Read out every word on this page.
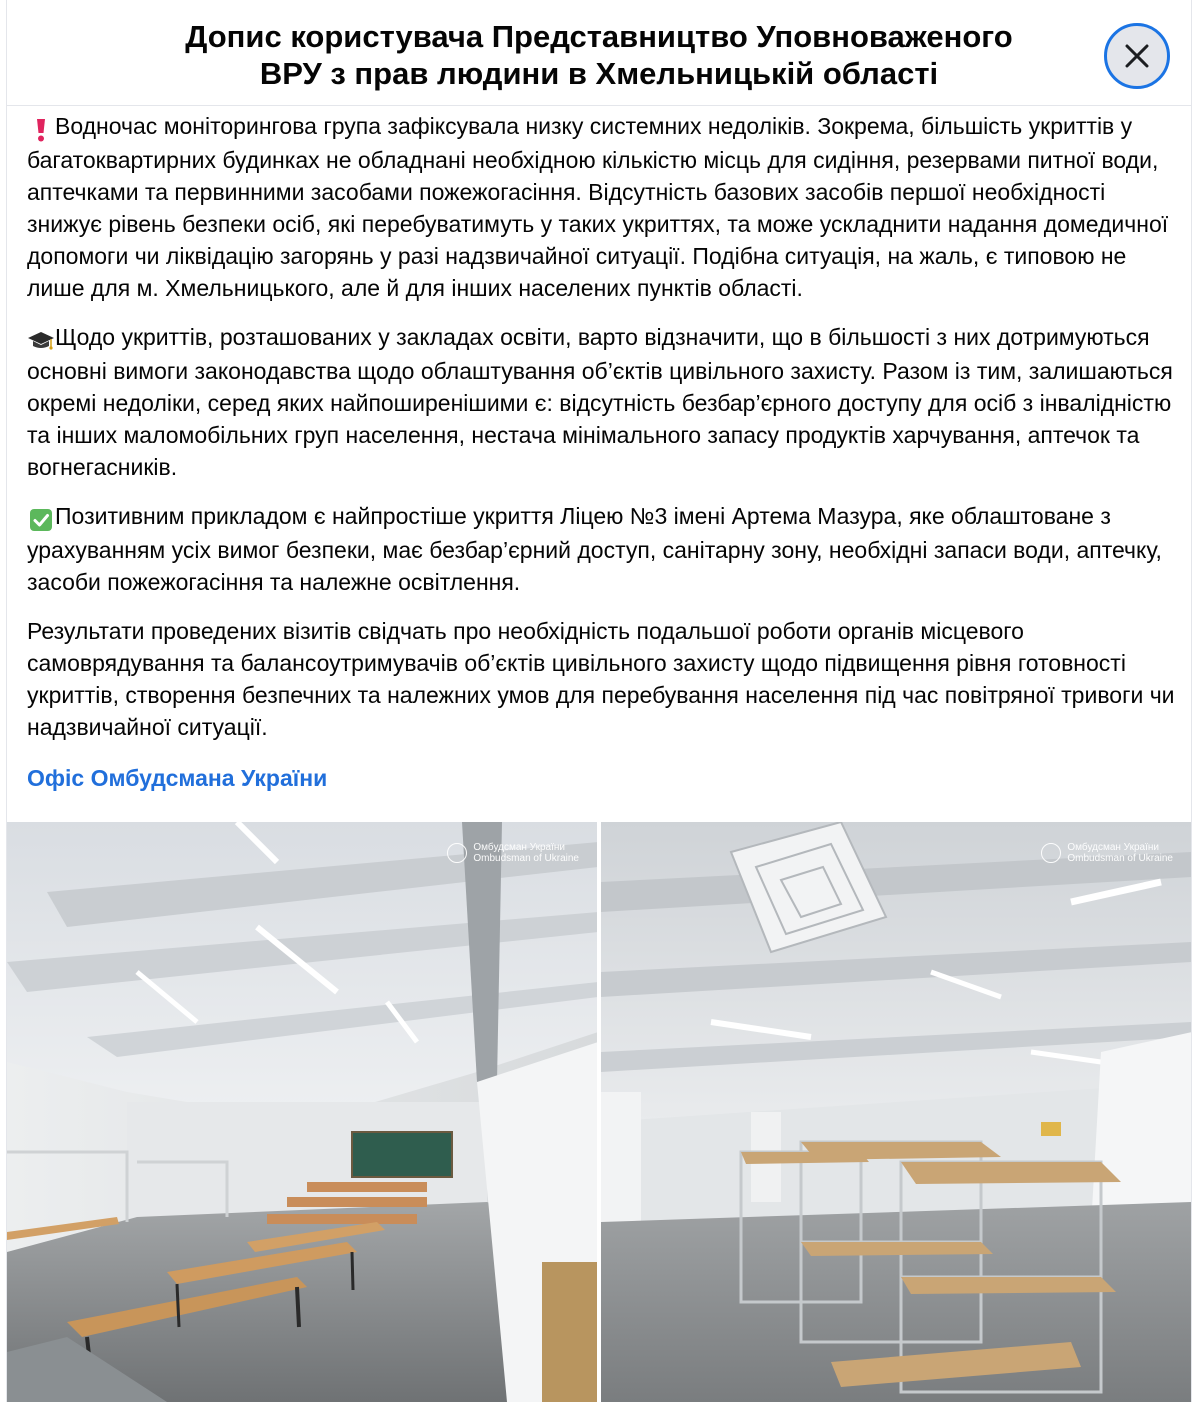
Допис користувача Представництво Уповноваженого
ВРУ з прав людини в Хмельницькій області

Водночас моніторингова група зафіксувала низку системних недоліків. Зокрема, більшість укриттів у багатоквартирних будинках не обладнані необхідною кількістю місць для сидіння, резервами питної води, аптечками та первинними засобами пожежогасіння. Відсутність базових засобів першої необхідності знижує рівень безпеки осіб, які перебуватимуть у таких укриттях, та може ускладнити надання домедичної допомоги чи ліквідацію загорянь у разі надзвичайної ситуації. Подібна ситуація, на жаль, є типовою не лише для м. Хмельницького, але й для інших населених пунктів області.

Щодо укриттів, розташованих у закладах освіти, варто відзначити, що в більшості з них дотримуються основні вимоги законодавства щодо облаштування об’єктів цивільного захисту. Разом із тим, залишаються окремі недоліки, серед яких найпоширенішими є: відсутність безбар’єрного доступу для осіб з інвалідністю та інших маломобільних груп населення, нестача мінімального запасу продуктів харчування, аптечок та вогнегасників.

Позитивним прикладом є найпростіше укриття Ліцею №3 імені Артема Мазура, яке облаштоване з урахуванням усіх вимог безпеки, має безбар’єрний доступ, санітарну зону, необхідні запаси води, аптечку, засоби пожежогасіння та належне освітлення.

Результати проведених візитів свідчать про необхідність подальшої роботи органів місцевого самоврядування та балансоутримувачів об’єктів цивільного захисту щодо підвищення рівня готовності укриттів, створення безпечних та належних умов для перебування населення під час повітряної тривоги чи надзвичайної ситуації.

Офіс Омбудсмана України
Омбудсман України
Ombudsman of Ukraine
Омбудсман України
Ombudsman of Ukraine
